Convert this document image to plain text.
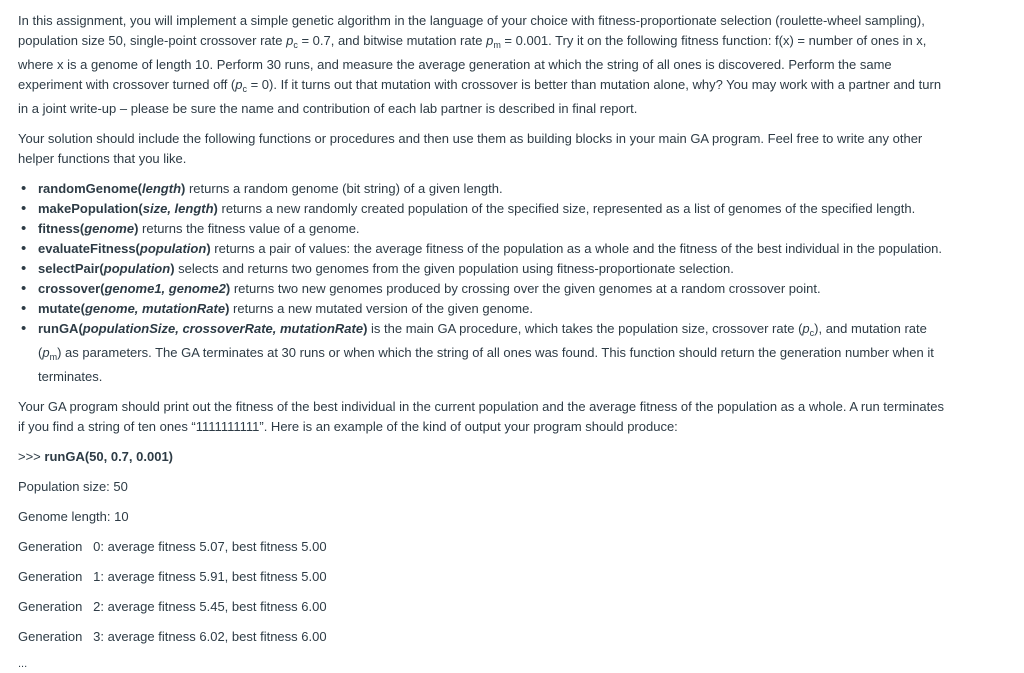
In this assignment, you will implement a simple genetic algorithm in the language of your choice with fitness-proportionate selection (roulette-wheel sampling), population size 50, single-point crossover rate $p_c = 0.7$, and bitwise mutation rate $p_m = 0.001$. Try it on the following fitness function: f(x) = number of ones in x, where x is a genome of length 10. Perform 30 runs, and measure the average generation at which the string of all ones is discovered. Perform the same experiment with crossover turned off $(p_c = 0)$. If it turns out that mutation with crossover is better than mutation alone, why? You may work with a partner and turn in a joint write-up – please be sure the name and contribution of each lab partner is described in final report.

Your solution should include the following functions or procedures and then use them as building blocks in your main GA program. Feel free to write any other helper functions that you like.

• randomGenome(length) returns a random genome (bit string) of a given length.
• makePopulation(size, length) returns a new randomly created population of the specified size, represented as a list of genomes of the specified length.
• fitness(genome) returns the fitness value of a genome.
• evaluateFitness(population) returns a pair of values: the average fitness of the population as a whole and the fitness of the best individual in the population.
• selectPair(population) selects and returns two genomes from the given population using fitness-proportionate selection.
• crossover(genome1, genome2) returns two new genomes produced by crossing over the given genomes at a random crossover point.
• mutate(genome, mutationRate) returns a new mutated version of the given genome.
• runGA(populationSize, crossoverRate, mutationRate) is the main GA procedure, which takes the population size, crossover rate $(p_c)$, and mutation rate $(p_m)$ as parameters. The GA terminates at 30 runs or when which the string of all ones was found. This function should return the generation number when it terminates.

Your GA program should print out the fitness of the best individual in the current population and the average fitness of the population as a whole. A run terminates if you find a string of ten ones “1111111111”. Here is an example of the kind of output your program should produce:

>>> runGA(50, 0.7, 0.001)

Population size: 50

Genome length: 10

Generation   0: average fitness 5.07, best fitness 5.00

Generation   1: average fitness 5.91, best fitness 5.00

Generation   2: average fitness 5.45, best fitness 6.00

Generation   3: average fitness 6.02, best fitness 6.00

...
